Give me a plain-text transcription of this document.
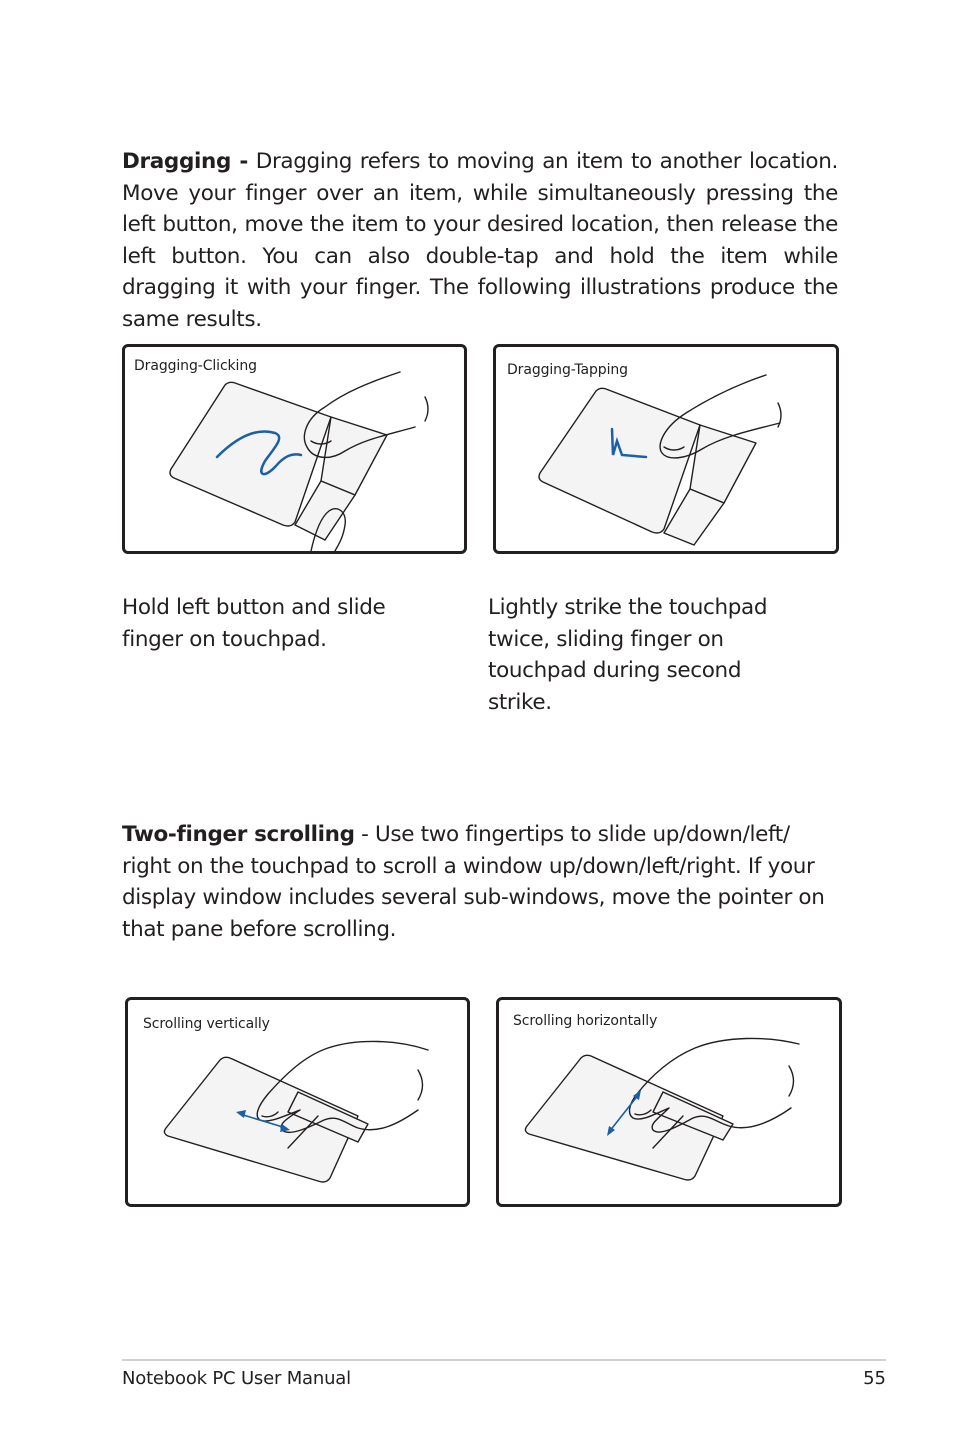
Dragging - Dragging refers to moving an item to another location. Move your finger over an item, while simultaneously pressing the left button, move the item to your desired location, then release the left button. You can also double-tap and hold the item while dragging it with your finger. The following illustrations produce the same results.

Dragging-Clicking	Dragging-Tapping

Hold left button and slide finger on touchpad.

Lightly strike the touchpad twice, sliding finger on touchpad during second strike.

Two-finger scrolling - Use two fingertips to slide up/down/left/ right on the touchpad to scroll a window up/down/left/right. If your display window includes several sub-windows, move the pointer on that pane before scrolling.

Scrolling vertically	Scrolling horizontally
Notebook PC User Manual	55
